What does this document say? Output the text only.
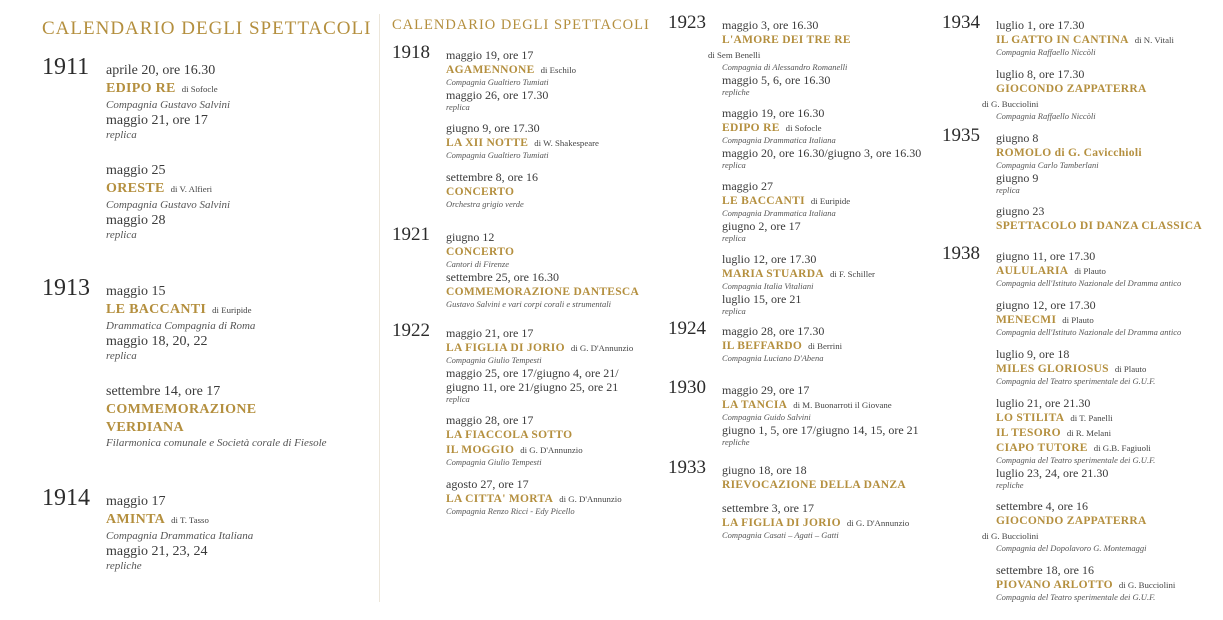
CALENDARIO DEGLI SPETTACOLI CALENDARIO DEGLI SPETTACOLI
1911 aprile 20, ore 16.30
EDIPO RE di Sofocle
Compagnia Gustavo Salvini
maggio 21, ore 17
replica
maggio 25
ORESTE di V. Alfieri
Compagnia Gustavo Salvini
maggio 28
replica
1913 maggio 15
LE BACCANTI di Euripide
Drammatica Compagnia di Roma
maggio 18, 20, 22
replica
settembre 14, ore 17
COMMEMORAZIONE
VERDIANA
Filarmonica comunale e Società corale di Fiesole
1914 maggio 17
AMINTA di T. Tasso
Compagnia Drammatica Italiana
maggio 21, 23, 24
repliche
1918 maggio 19, ore 17
AGAMENNONE di Eschilo
Compagnia Gualtiero Tumiati
maggio 26, ore 17.30
replica
giugno 9, ore 17.30
LA XII NOTTE di W. Shakespeare
Compagnia Gualtiero Tumiati
settembre 8, ore 16
CONCERTO
Orchestra grigio verde
1921 giugno 12
CONCERTO
Cantori di Firenze
settembre 25, ore 16.30
COMMEMORAZIONE DANTESCA
Gustavo Salvini e vari corpi corali e strumentali
1922 maggio 21, ore 17
LA FIGLIA DI JORIO di G. D'Annunzio
Compagnia Giulio Tempesti
maggio 25, ore 17/giugno 4, ore 21/
giugno 11, ore 21/giugno 25, ore 21
replica
maggio 28, ore 17
LA FIACCOLA SOTTO
IL MOGGIO di G. D'Annunzio
Compagnia Giulio Tempesti
agosto 27, ore 17
LA CITTA' MORTA di G. D'Annunzio
Compagnia Renzo Ricci - Edy Picello
1923 maggio 3, ore 16.30
L'AMORE DEI TRE RE
di Sem Benelli
Compagnia di Alessandro Romanelli
maggio 5, 6, ore 16.30
repliche
maggio 19, ore 16.30
EDIPO RE di Sofocle
Compagnia Drammatica Italiana
maggio 20, ore 16.30/giugno 3, ore 16.30
replica
maggio 27
LE BACCANTI di Euripide
Compagnia Drammatica Italiana
giugno 2, ore 17
replica
luglio 12, ore 17.30
MARIA STUARDA di F. Schiller
Compagnia Italia Vitaliani
luglio 15, ore 21
replica
1924 maggio 28, ore 17.30
IL BEFFARDO di Berrini
Compagnia Luciano D'Abena
1930 maggio 29, ore 17
LA TANCIA di M. Buonarroti il Giovane
Compagnia Guido Salvini
giugno 1, 5, ore 17/giugno 14, 15, ore 21
repliche
1933 giugno 18, ore 18
RIEVOCAZIONE DELLA DANZA
settembre 3, ore 17
LA FIGLIA DI JORIO di G. D'Annunzio
Compagnia Casati – Agati – Gatti
1934 luglio 1, ore 17.30
IL GATTO IN CANTINA di N. Vitali
Compagnia Raffaello Niccòli
luglio 8, ore 17.30
GIOCONDO ZAPPATERRA
di G. Bucciolini
Compagnia Raffaello Niccòli
1935 giugno 8
ROMOLO di G. Cavicchioli
Compagnia Carlo Tamberlani
giugno 9
replica
giugno 23
SPETTACOLO DI DANZA CLASSICA
1938 giugno 11, ore 17.30
AULULARIA di Plauto
Compagnia dell'Istituto Nazionale del Dramma antico
giugno 12, ore 17.30
MENECMI di Plauto
Compagnia dell'Istituto Nazionale del Dramma antico
luglio 9, ore 18
MILES GLORIOSUS di Plauto
Compagnia del Teatro sperimentale dei G.U.F.
luglio 21, ore 21.30
LO STILITA di T. Panelli
IL TESORO di R. Melani
CIAPO TUTORE di G.B. Fagiuoli
Compagnia del Teatro sperimentale dei G.U.F.
luglio 23, 24, ore 21.30
repliche
settembre 4, ore 16
GIOCONDO ZAPPATERRA
di G. Bucciolini
Compagnia del Dopolavoro G. Montemaggi
settembre 18, ore 16
PIOVANO ARLOTTO di G. Bucciolini
Compagnia del Teatro sperimentale dei G.U.F.
